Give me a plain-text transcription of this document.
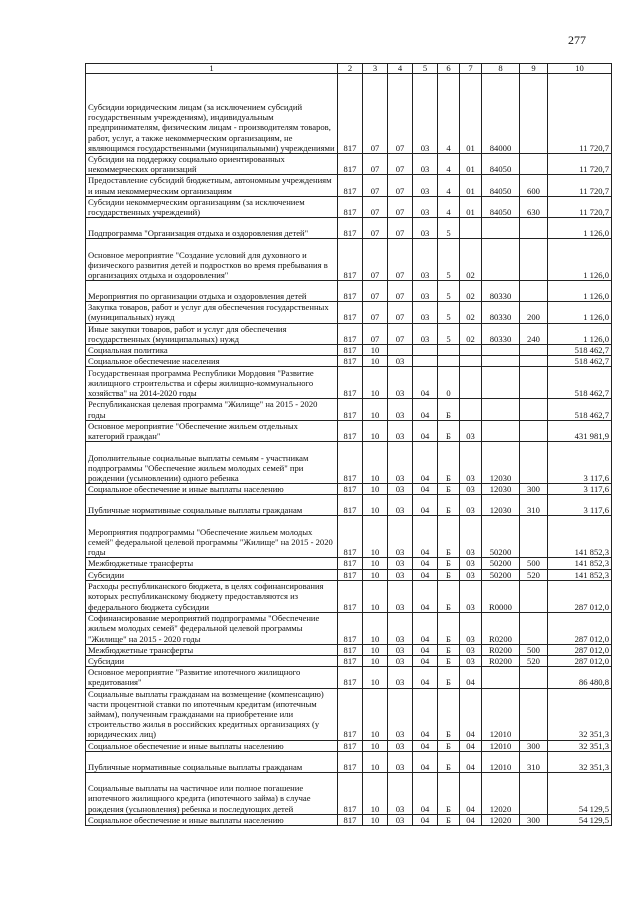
277
1	2	3	4	5	6	7	8	9	10
Субсидии юридическим лицам (за исключением субсидий государственным учреждениям), индивидуальным предпринимателям, физическим лицам - производителям товаров, работ, услуг, а также некоммерческим организациям, не являющимся государственными (муниципальными) учреждениями	817	07	07	03	4	01	84000		11 720,7
Субсидии на поддержку социально ориентированных некоммерческих организаций	817	07	07	03	4	01	84050		11 720,7
Предоставление субсидий бюджетным, автономным учреждениям и иным некоммерческим организациям	817	07	07	03	4	01	84050	600	11 720,7
Субсидии некоммерческим организациям (за исключением государственных учреждений)	817	07	07	03	4	01	84050	630	11 720,7
Подпрограмма "Организация отдыха и оздоровления детей"	817	07	07	03	5				1 126,0
Основное мероприятие "Создание условий для духовного и физического развития детей и подростков во время пребывания в организациях отдыха и оздоровления"	817	07	07	03	5	02			1 126,0
Мероприятия по организации отдыха и оздоровления детей	817	07	07	03	5	02	80330		1 126,0
Закупка товаров, работ и услуг для обеспечения государственных (муниципальных) нужд	817	07	07	03	5	02	80330	200	1 126,0
Иные закупки товаров, работ и услуг для обеспечения государственных (муниципальных) нужд	817	07	07	03	5	02	80330	240	1 126,0
Социальная политика	817	10							518 462,7
Социальное обеспечение населения	817	10	03						518 462,7
Государственная программа Республики Мордовия "Развитие жилищного строительства и сферы жилищно-коммунального хозяйства" на 2014-2020 годы	817	10	03	04	0				518 462,7
Республиканская целевая программа "Жилище" на 2015 - 2020 годы	817	10	03	04	Б				518 462,7
Основное мероприятие "Обеспечение жильем отдельных категорий граждан"	817	10	03	04	Б	03			431 981,9
Дополнительные социальные выплаты семьям - участникам подпрограммы "Обеспечение жильем молодых семей" при рождении (усыновлении) одного ребенка	817	10	03	04	Б	03	12030		3 117,6
Социальное обеспечение и иные выплаты населению	817	10	03	04	Б	03	12030	300	3 117,6
Публичные нормативные социальные выплаты гражданам	817	10	03	04	Б	03	12030	310	3 117,6
Мероприятия подпрограммы "Обеспечение жильем молодых семей" федеральной целевой программы "Жилище" на 2015 - 2020 годы	817	10	03	04	Б	03	50200		141 852,3
Межбюджетные трансферты	817	10	03	04	Б	03	50200	500	141 852,3
Субсидии	817	10	03	04	Б	03	50200	520	141 852,3
Расходы республиканского бюджета, в целях софинансирования которых республиканскому бюджету предоставляются из федерального бюджета субсидии	817	10	03	04	Б	03	R0000		287 012,0
Софинансирование мероприятий подпрограммы "Обеспечение жильем молодых семей" федеральной целевой программы "Жилище" на 2015 - 2020 годы	817	10	03	04	Б	03	R0200		287 012,0
Межбюджетные трансферты	817	10	03	04	Б	03	R0200	500	287 012,0
Субсидии	817	10	03	04	Б	03	R0200	520	287 012,0
Основное мероприятие "Развитие ипотечного жилищного кредитования"	817	10	03	04	Б	04			86 480,8
Социальные выплаты гражданам на возмещение (компенсацию) части процентной ставки по ипотечным кредитам (ипотечным займам), полученным гражданами на приобретение или строительство жилья в российских кредитных организациях (у юридических лиц)	817	10	03	04	Б	04	12010		32 351,3
Социальное обеспечение и иные выплаты населению	817	10	03	04	Б	04	12010	300	32 351,3
Публичные нормативные социальные выплаты гражданам	817	10	03	04	Б	04	12010	310	32 351,3
Социальные выплаты на частичное или полное погашение ипотечного жилищного кредита (ипотечного займа) в случае рождения (усыновления) ребенка и последующих детей	817	10	03	04	Б	04	12020		54 129,5
Социальное обеспечение и иные выплаты населению	817	10	03	04	Б	04	12020	300	54 129,5
